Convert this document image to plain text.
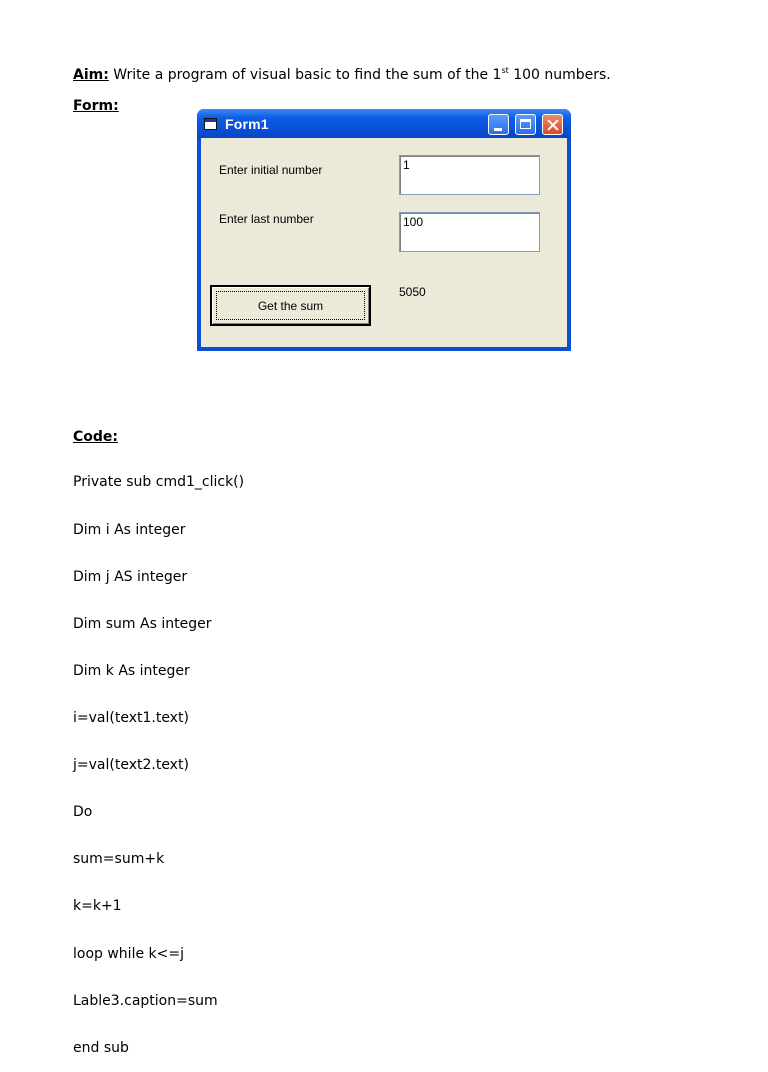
Aim: Write a program of visual basic to find the sum of the 1st 100 numbers.
Form:
Form1
Enter initial number	1
Enter last number	100
Get the sum
5050
Code:

Private sub cmd1_click()

Dim i As integer

Dim j AS integer

Dim sum As integer

Dim k As integer

i=val(text1.text)

j=val(text2.text)

Do

sum=sum+k

k=k+1

loop while k<=j

Lable3.caption=sum

end sub
